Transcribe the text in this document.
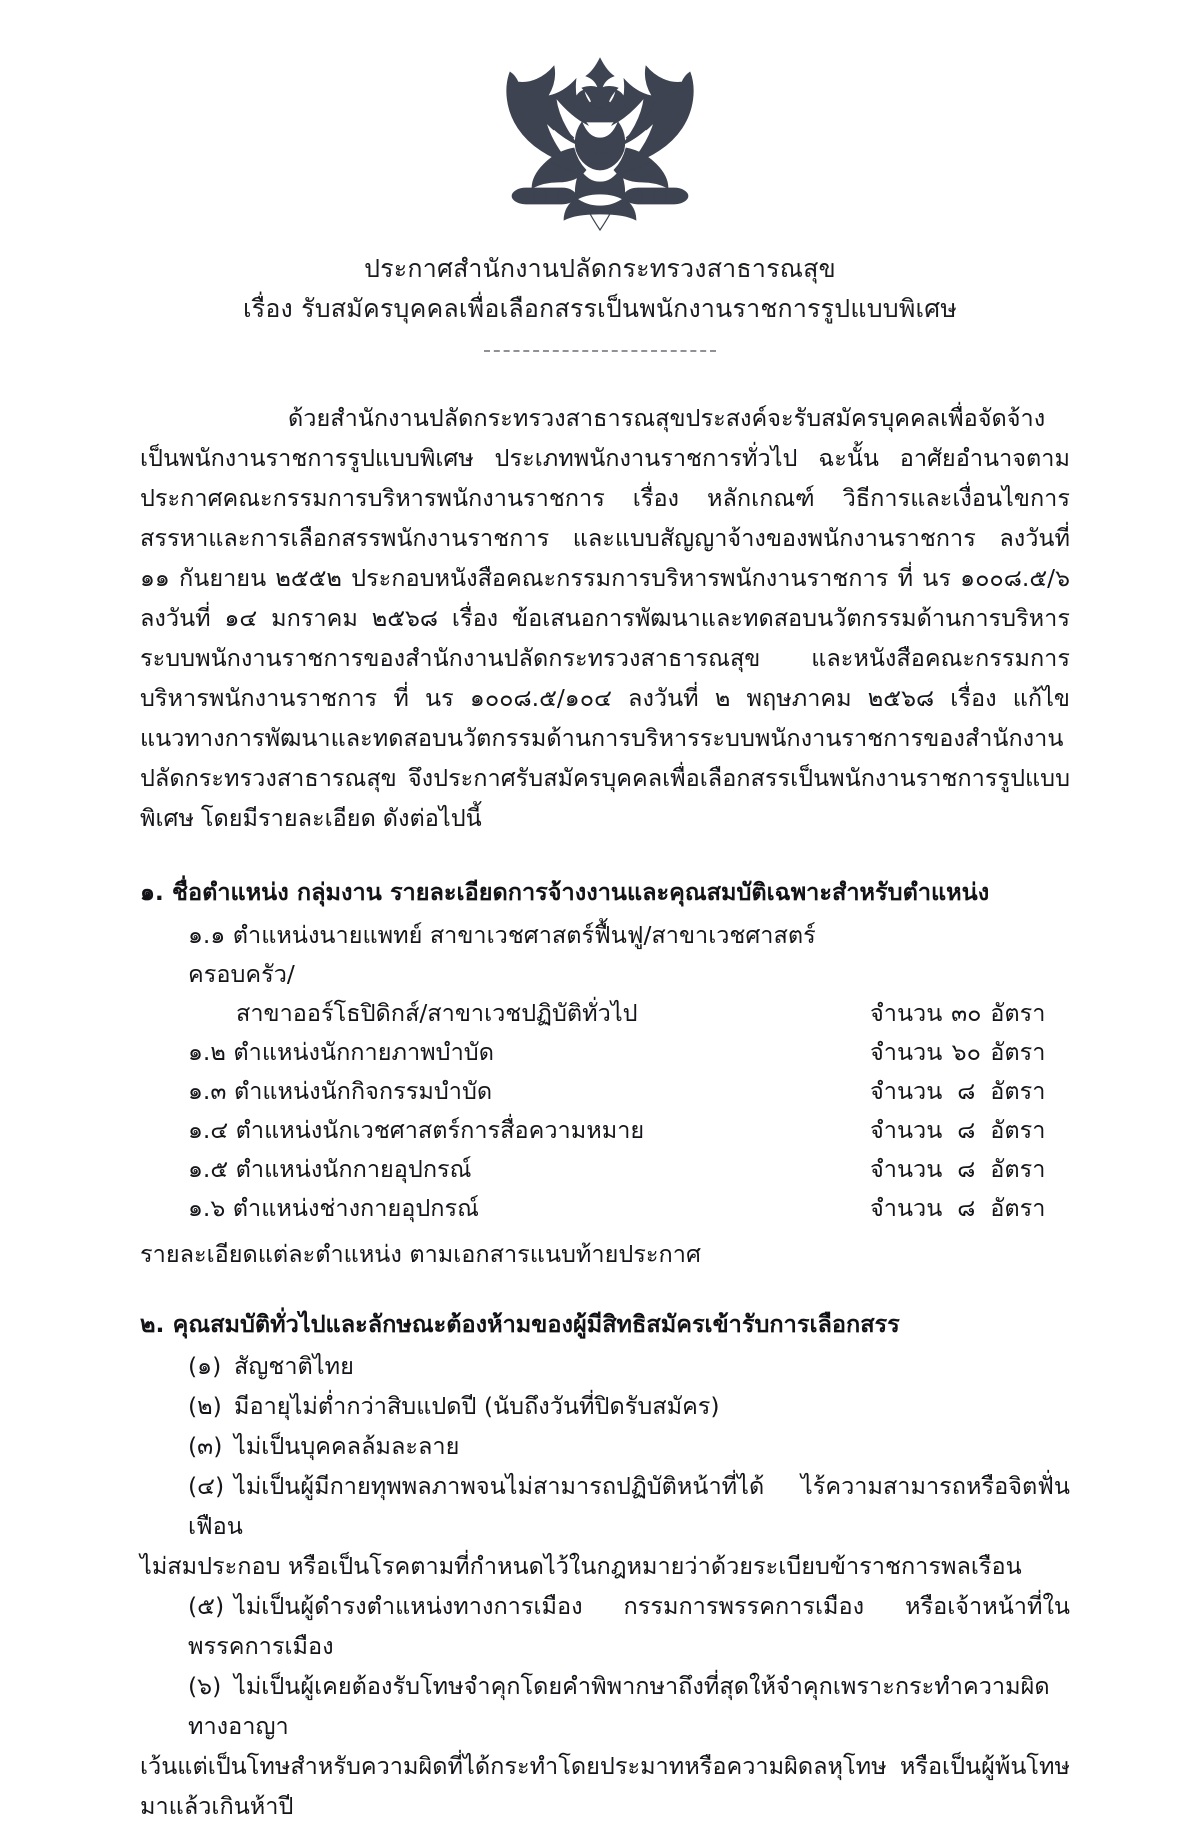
ประกาศสำนักงานปลัดกระทรวงสาธารณสุข
เรื่อง รับสมัครบุคคลเพื่อเลือกสรรเป็นพนักงานราชการรูปแบบพิเศษ

ด้วยสำนักงานปลัดกระทรวงสาธารณสุขประสงค์จะรับสมัครบุคคลเพื่อจัดจ้างเป็นพนักงานราชการรูปแบบพิเศษ ประเภทพนักงานราชการทั่วไป ฉะนั้น อาศัยอำนาจตามประกาศคณะกรรมการบริหารพนักงานราชการ เรื่อง หลักเกณฑ์ วิธีการและเงื่อนไขการสรรหาและการเลือกสรรพนักงานราชการ และแบบสัญญาจ้างของพนักงานราชการ ลงวันที่ ๑๑ กันยายน ๒๕๕๒ ประกอบหนังสือคณะกรรมการบริหารพนักงานราชการ ที่ นร ๑๐๐๘.๕/๖ ลงวันที่ ๑๔ มกราคม ๒๕๖๘ เรื่อง ข้อเสนอการพัฒนาและทดสอบนวัตกรรมด้านการบริหารระบบพนักงานราชการของสำนักงานปลัดกระทรวงสาธารณสุข และหนังสือคณะกรรมการบริหารพนักงานราชการ ที่ นร ๑๐๐๘.๕/๑๐๔ ลงวันที่ ๒ พฤษภาคม ๒๕๖๘ เรื่อง แก้ไขแนวทางการพัฒนาและทดสอบนวัตกรรมด้านการบริหารระบบพนักงานราชการของสำนักงานปลัดกระทรวงสาธารณสุข จึงประกาศรับสมัครบุคคลเพื่อเลือกสรรเป็นพนักงานราชการรูปแบบพิเศษ โดยมีรายละเอียด ดังต่อไปนี้

๑. ชื่อตำแหน่ง กลุ่มงาน รายละเอียดการจ้างงานและคุณสมบัติเฉพาะสำหรับตำแหน่ง
๑.๑ ตำแหน่งนายแพทย์ สาขาเวชศาสตร์ฟื้นฟู/สาขาเวชศาสตร์ครอบครัว/
สาขาออร์โธปิดิกส์/สาขาเวชปฏิบัติทั่วไป	จำนวน ๓๐ อัตรา
๑.๒ ตำแหน่งนักกายภาพบำบัด	จำนวน ๖๐ อัตรา
๑.๓ ตำแหน่งนักกิจกรรมบำบัด	จำนวน ๘ อัตรา
๑.๔ ตำแหน่งนักเวชศาสตร์การสื่อความหมาย	จำนวน ๘ อัตรา
๑.๕ ตำแหน่งนักกายอุปกรณ์	จำนวน ๘ อัตรา
๑.๖ ตำแหน่งช่างกายอุปกรณ์	จำนวน ๘ อัตรา
รายละเอียดแต่ละตำแหน่ง ตามเอกสารแนบท้ายประกาศ
๒. คุณสมบัติทั่วไปและลักษณะต้องห้ามของผู้มีสิทธิสมัครเข้ารับการเลือกสรร
(๑) สัญชาติไทย
(๒) มีอายุไม่ต่ำกว่าสิบแปดปี (นับถึงวันที่ปิดรับสมัคร)
(๓) ไม่เป็นบุคคลล้มละลาย
(๔) ไม่เป็นผู้มีกายทุพพลภาพจนไม่สามารถปฏิบัติหน้าที่ได้ ไร้ความสามารถหรือจิตฟั่นเฟือน
ไม่สมประกอบ หรือเป็นโรคตามที่กำหนดไว้ในกฎหมายว่าด้วยระเบียบข้าราชการพลเรือน
(๕) ไม่เป็นผู้ดำรงตำแหน่งทางการเมือง กรรมการพรรคการเมือง หรือเจ้าหน้าที่ในพรรคการเมือง
(๖) ไม่เป็นผู้เคยต้องรับโทษจำคุกโดยคำพิพากษาถึงที่สุดให้จำคุกเพราะกระทำความผิดทางอาญา
เว้นแต่เป็นโทษสำหรับความผิดที่ได้กระทำโดยประมาทหรือความผิดลหุโทษ หรือเป็นผู้พ้นโทษมาแล้วเกินห้าปี
